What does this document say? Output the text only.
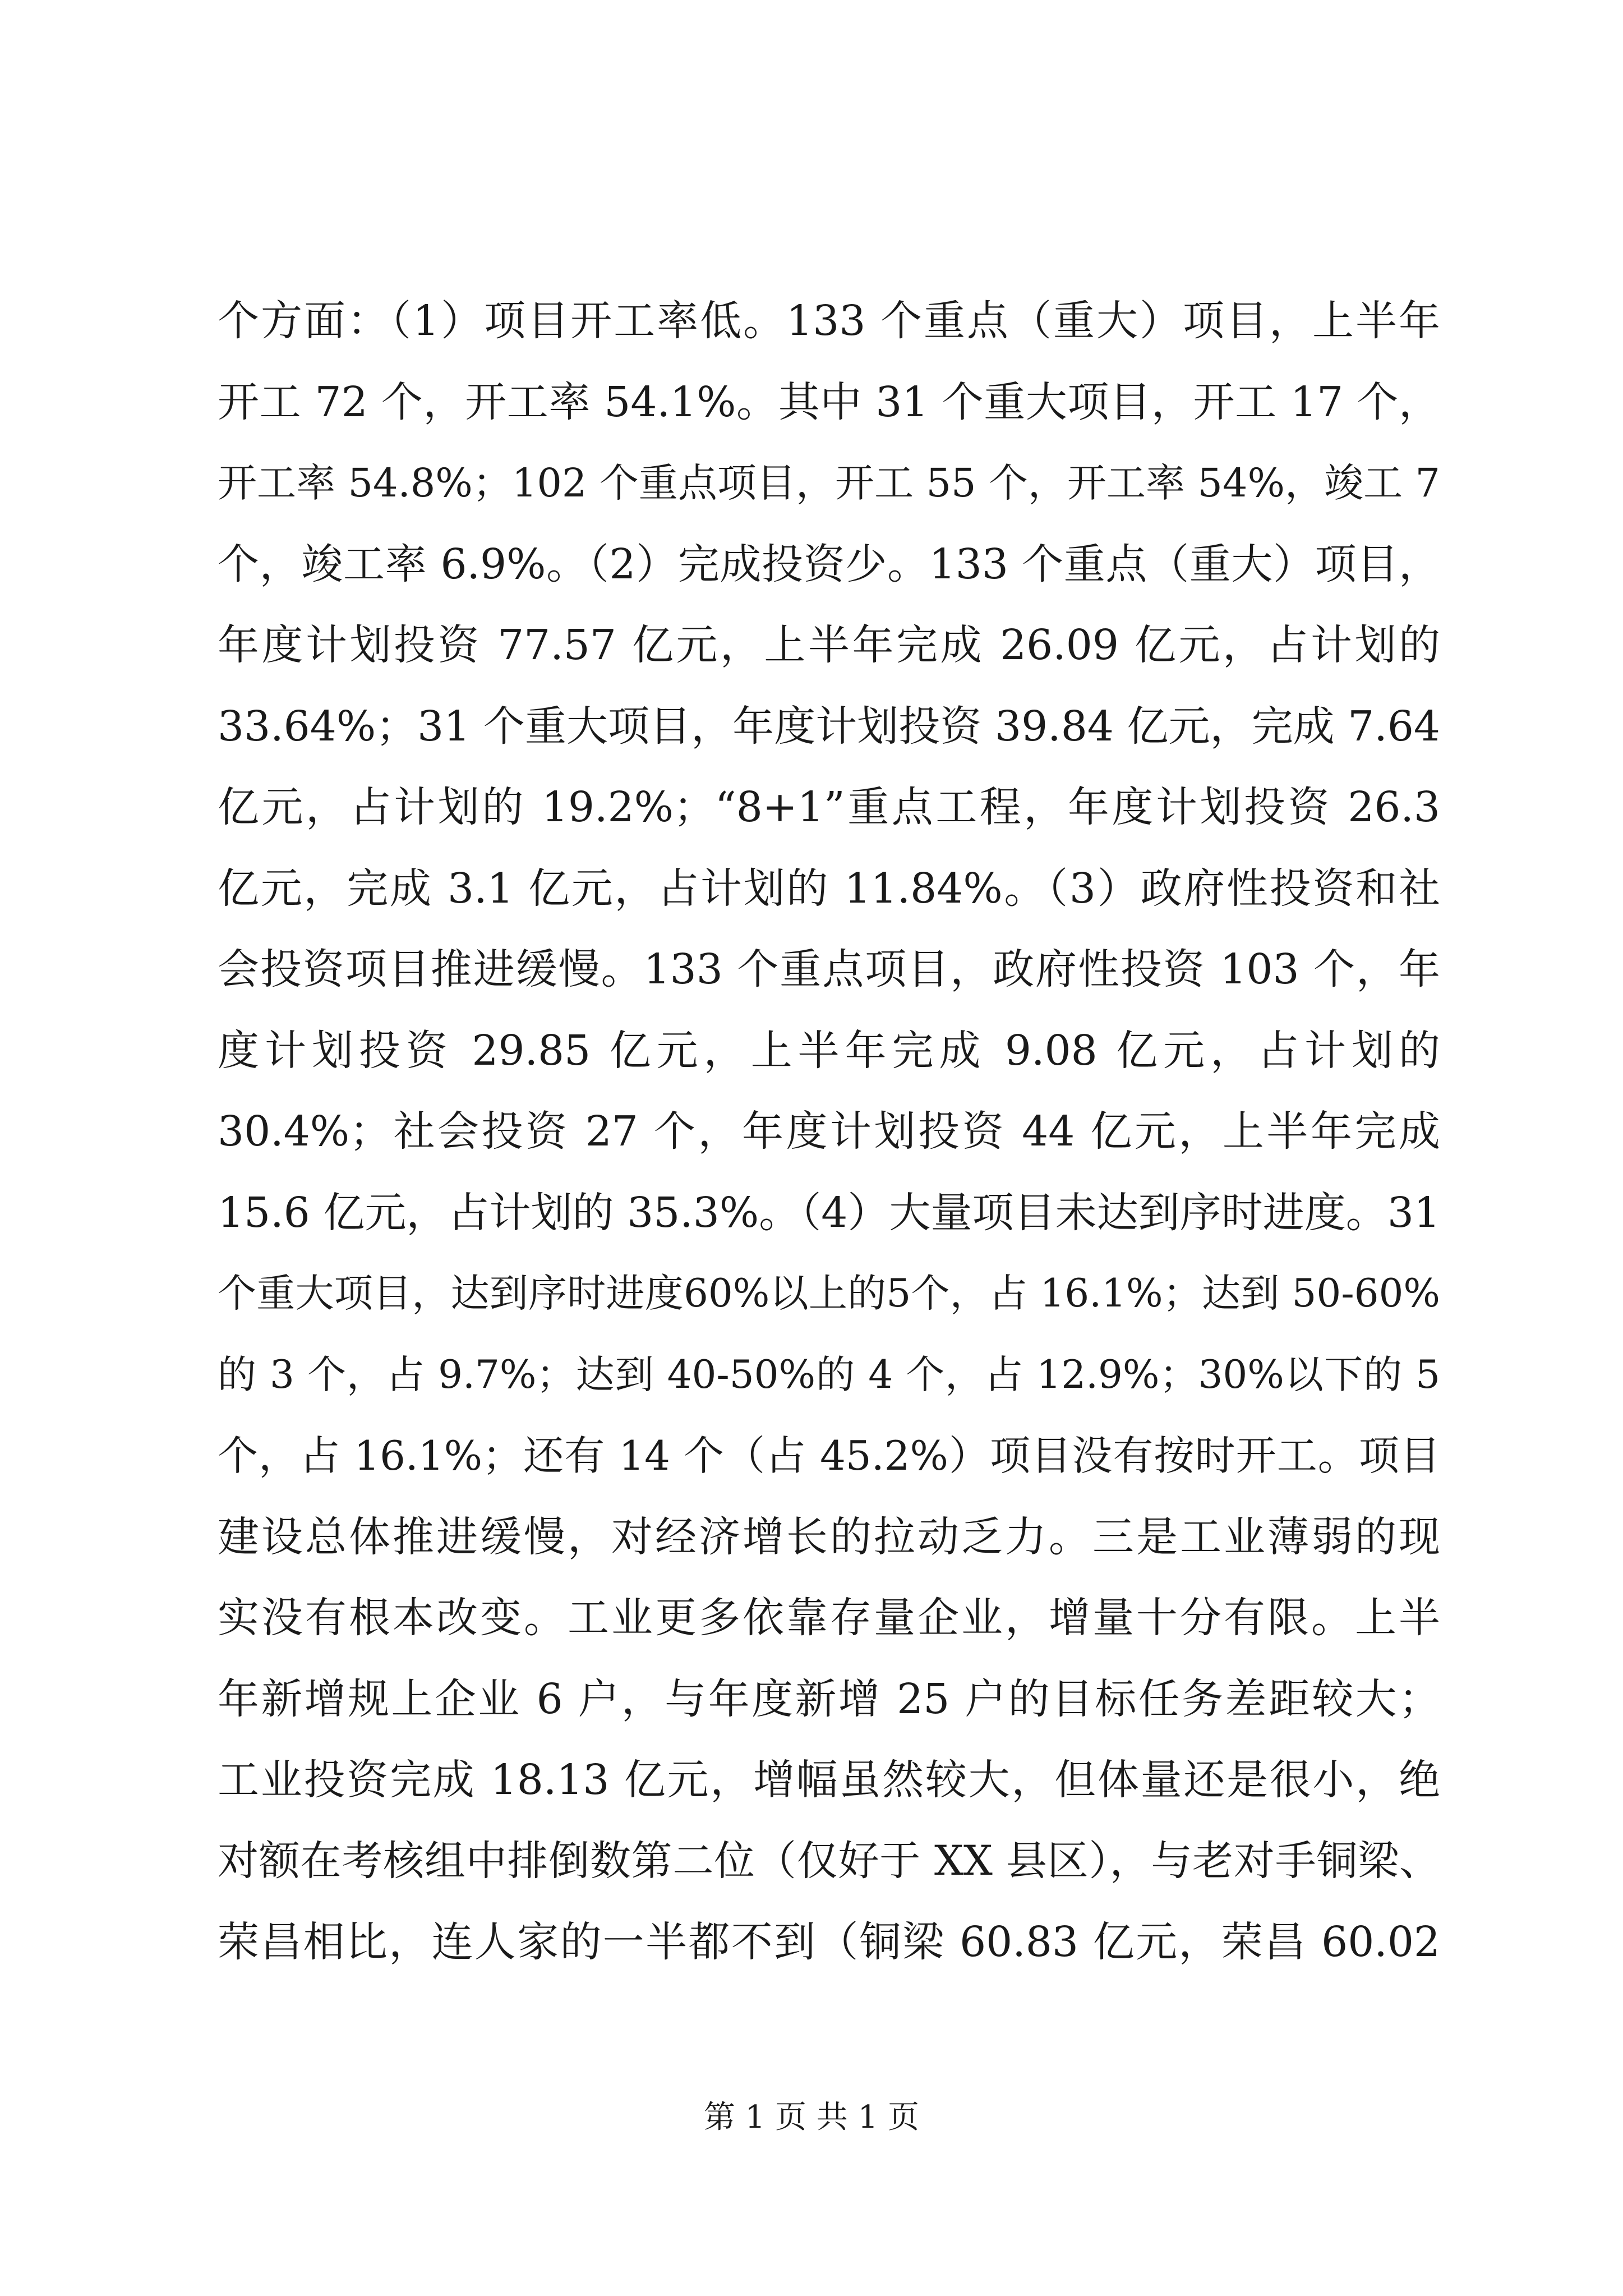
个方面：（1）项目开工率低。133 个重点（重大）项目，上半年
开工 72 个，开工率 54.1%。其中 31 个重大项目，开工 17 个，
开工率 54.8%；102 个重点项目，开工 55 个，开工率 54%，竣工 7
个，竣工率 6.9%。（2）完成投资少。133 个重点（重大）项目，
年度计划投资 77.57 亿元，上半年完成 26.09 亿元，占计划的
33.64%；31 个重大项目，年度计划投资 39.84 亿元，完成 7.64
亿元，占计划的 19.2%；“8+1”重点工程，年度计划投资 26.3
亿元，完成 3.1 亿元，占计划的 11.84%。（3）政府性投资和社
会投资项目推进缓慢。133 个重点项目，政府性投资 103 个，年
度计划投资 29.85 亿元，上半年完成 9.08 亿元，占计划的
30.4%；社会投资 27 个，年度计划投资 44 亿元，上半年完成
15.6 亿元，占计划的 35.3%。（4）大量项目未达到序时进度。31
个重大项目，达到序时进度60%以上的5个，占 16.1%；达到 50-60%
的 3 个，占 9.7%；达到 40-50%的 4 个，占 12.9%；30%以下的 5
个，占 16.1%；还有 14 个（占 45.2%）项目没有按时开工。项目
建设总体推进缓慢，对经济增长的拉动乏力。三是工业薄弱的现
实没有根本改变。工业更多依靠存量企业，增量十分有限。上半
年新增规上企业 6 户，与年度新增 25 户的目标任务差距较大；
工业投资完成 18.13 亿元，增幅虽然较大，但体量还是很小，绝
对额在考核组中排倒数第二位（仅好于 XX 县区），与老对手铜梁、
荣昌相比，连人家的一半都不到（铜梁 60.83 亿元，荣昌 60.02
第 1 页 共 1 页
